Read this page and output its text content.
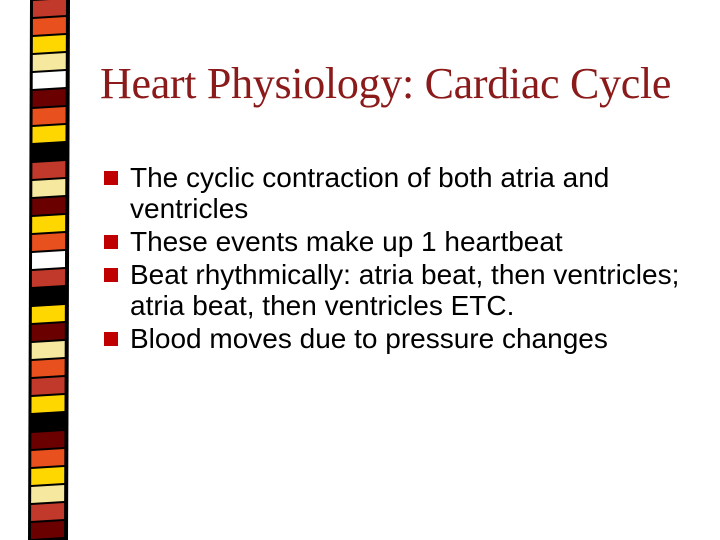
Heart Physiology: Cardiac Cycle
The cyclic contraction of both atria and ventricles
These events make up 1 heartbeat
Beat rhythmically: atria beat, then ventricles; atria beat, then ventricles ETC.
Blood moves due to pressure changes
